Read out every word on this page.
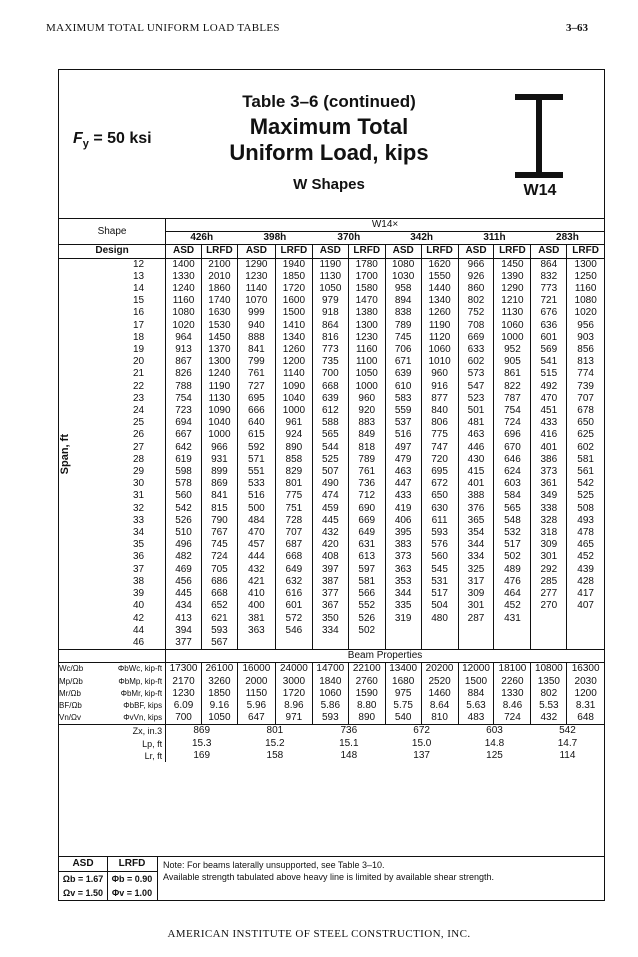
MAXIMUM TOTAL UNIFORM LOAD TABLES	3–63
$F_y = 50$ ksi
Table 3–6 (continued)
Maximum Total
Uniform Load, kips
W Shapes	W14
Shape			W14×											
			426h		398h		370h		342h		311h		283h	
Design			ASD	LRFD	ASD	LRFD	ASD	LRFD	ASD	LRFD	ASD	LRFD	ASD	LRFD

Span, ft		12	1400	2100	1290	1940	1190	1780	1080	1620	966	1450	864	1300
		13	1330	2010	1230	1850	1130	1700	1030	1550	926	1390	832	1250
		14	1240	1860	1140	1720	1050	1580	958	1440	860	1290	773	1160
		15	1160	1740	1070	1600	979	1470	894	1340	802	1210	721	1080
		16	1080	1630	999	1500	918	1380	838	1260	752	1130	676	1020
		17	1020	1530	940	1410	864	1300	789	1190	708	1060	636	956
		18	964	1450	888	1340	816	1230	745	1120	669	1000	601	903
		19	913	1370	841	1260	773	1160	706	1060	633	952	569	856
		20	867	1300	799	1200	735	1100	671	1010	602	905	541	813
		21	826	1240	761	1140	700	1050	639	960	573	861	515	774
		22	788	1190	727	1090	668	1000	610	916	547	822	492	739
		23	754	1130	695	1040	639	960	583	877	523	787	470	707
		24	723	1090	666	1000	612	920	559	840	501	754	451	678
		25	694	1040	640	961	588	883	537	806	481	724	433	650
		26	667	1000	615	924	565	849	516	775	463	696	416	625
		27	642	966	592	890	544	818	497	747	446	670	401	602
		28	619	931	571	858	525	789	479	720	430	646	386	581
		29	598	899	551	829	507	761	463	695	415	624	373	561
		30	578	869	533	801	490	736	447	672	401	603	361	542
		31	560	841	516	775	474	712	433	650	388	584	349	525
		32	542	815	500	751	459	690	419	630	376	565	338	508
		33	526	790	484	728	445	669	406	611	365	548	328	493
		34	510	767	470	707	432	649	395	593	354	532	318	478
		35	496	745	457	687	420	631	383	576	344	517	309	465
		36	482	724	444	668	408	613	373	560	334	502	301	452
		37	469	705	432	649	397	597	363	545	325	489	292	439
		38	456	686	421	632	387	581	353	531	317	476	285	428
		39	445	668	410	616	377	566	344	517	309	464	277	417
		40	434	652	400	601	367	552	335	504	301	452	270	407
		42	413	621	381	572	350	526	319	480	287	431		
		44	394	593	363	546	334	502						
		46	377	567										
			Beam Properties											
Wc/Ωb	ΦbWc, kip-ft		17300	26100	16000	24000	14700	22100	13400	20200	12000	18100	10800	16300
Mp/Ωb	ΦbMp, kip-ft		2170	3260	2000	3000	1840	2760	1680	2520	1500	2260	1350	2030
Mr/Ωb	ΦbMr, kip-ft		1230	1850	1150	1720	1060	1590	975	1460	884	1330	802	1200
BF/Ωb	ΦbBF, kips		6.09	9.16	5.96	8.96	5.86	8.80	5.75	8.64	5.63	8.46	5.53	8.31
Vn/Ωv	ΦvVn, kips		700	1050	647	971	593	890	540	810	483	724	432	648
Zx, in.3			869		801		736		672		603		542	
Lp, ft			15.3		15.2		15.1		15.0		14.8		14.7	
Lr, ft			169		158		148		137		125		114	
ASD
Ωb = 1.67
Ωv = 1.50
LRFD
Φb = 0.90
Φv = 1.00
Note: For beams laterally unsupported, see Table 3–10.
Available strength tabulated above heavy line is limited by available shear strength.
AMERICAN INSTITUTE OF STEEL CONSTRUCTION, INC.
